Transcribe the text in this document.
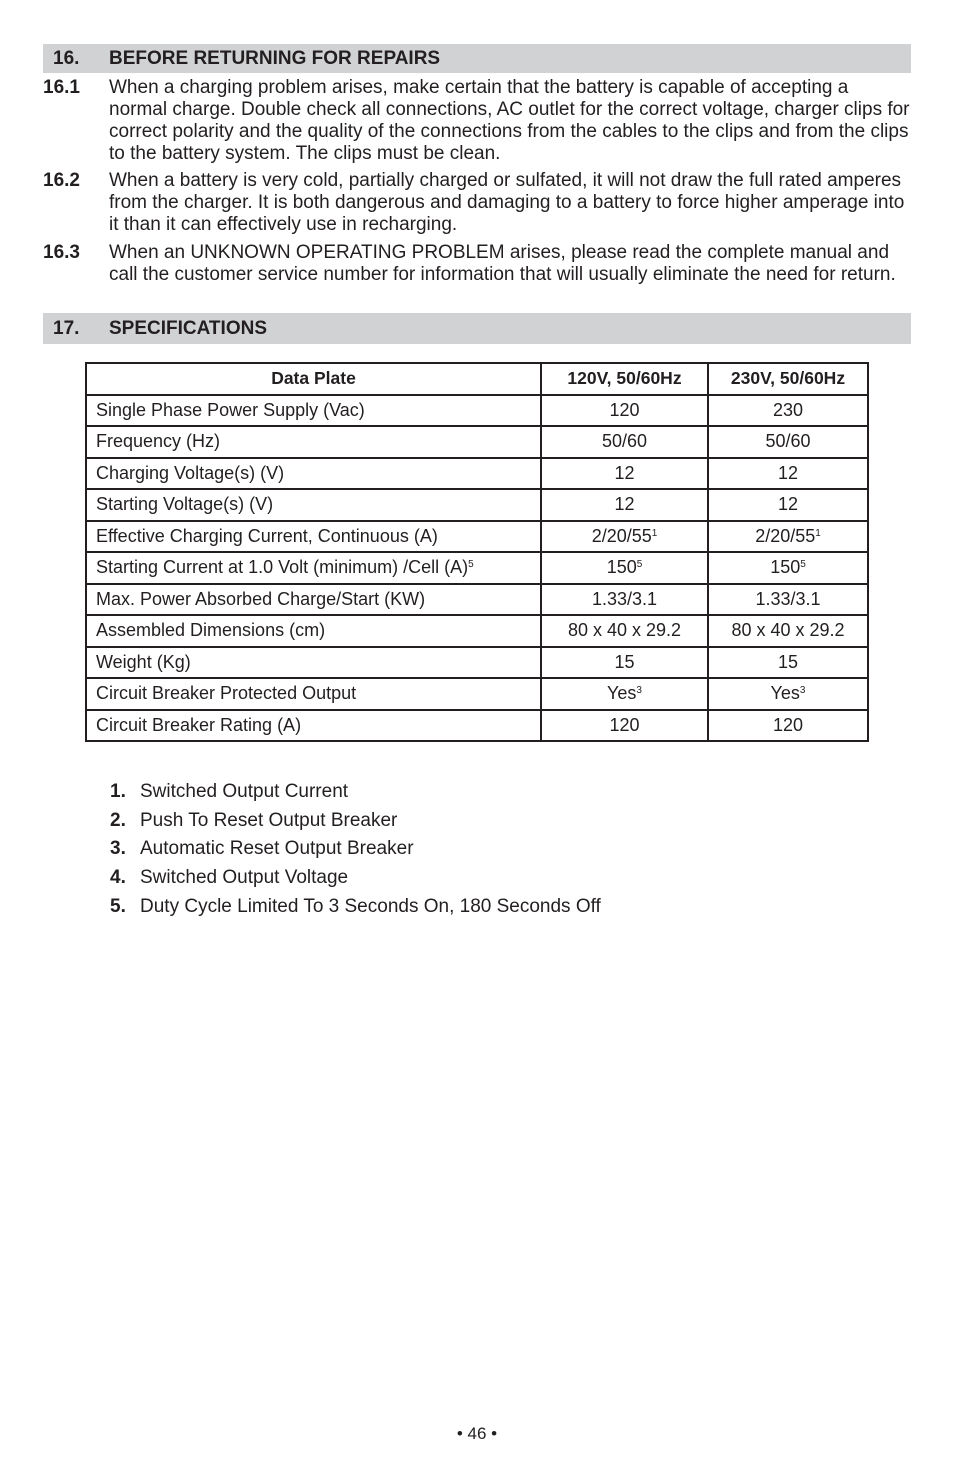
16. BEFORE RETURNING FOR REPAIRS
16.1 When a charging problem arises, make certain that the battery is capable of accepting a normal charge. Double check all connections, AC outlet for the correct voltage, charger clips for correct polarity and the quality of the connections from the cables to the clips and from the clips to the battery system. The clips must be clean.
16.2 When a battery is very cold, partially charged or sulfated, it will not draw the full rated amperes from the charger. It is both dangerous and damaging to a battery to force higher amperage into it than it can effectively use in recharging.
16.3 When an UNKNOWN OPERATING PROBLEM arises, please read the complete manual and call the customer service number for information that will usually eliminate the need for return.
17. SPECIFICATIONS
Data Plate	120V, 50/60Hz	230V, 50/60Hz
Single Phase Power Supply (Vac)	120	230
Frequency (Hz)	50/60	50/60
Charging Voltage(s) (V)	12	12
Starting Voltage(s) (V)	12	12
Effective Charging Current, Continuous (A)	$2/20/55^1$	$2/20/55^1$
Starting Current at 1.0 Volt (minimum) /Cell $(A)^5$	$150^5$	$150^5$
Max. Power Absorbed Charge/Start (KW)	1.33/3.1	1.33/3.1
Assembled Dimensions (cm)	80 x 40 x 29.2	80 x 40 x 29.2
Weight (Kg)	15	15
Circuit Breaker Protected Output	Yes$^3$	Yes$^3$
Circuit Breaker Rating (A)	120	120
1. Switched Output Current
2. Push To Reset Output Breaker
3. Automatic Reset Output Breaker
4. Switched Output Voltage
5. Duty Cycle Limited To 3 Seconds On, 180 Seconds Off
• 46 •
